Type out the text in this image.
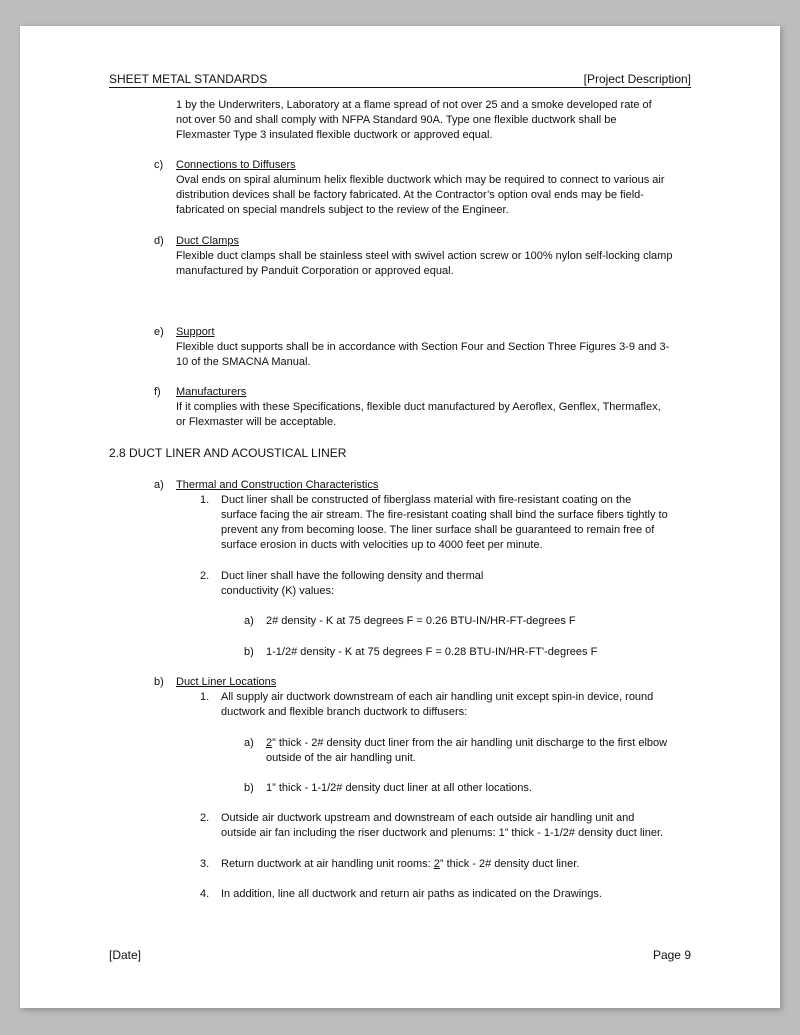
SHEET METAL STANDARDS	[Project Description]
1 by the Underwriters, Laboratory at a flame spread of not over 25 and a smoke developed rate of
not over 50 and shall comply with NFPA Standard 90A. Type one flexible ductwork shall be
Flexmaster Type 3 insulated flexible ductwork or approved equal.
c) Connections to Diffusers
Oval ends on spiral aluminum helix flexible ductwork which may be required to connect to various air
distribution devices shall be factory fabricated. At the Contractor’s option oval ends may be field-
fabricated on special mandrels subject to the review of the Engineer.
d) Duct Clamps
Flexible duct clamps shall be stainless steel with swivel action screw or 100% nylon self-locking clamp
manufactured by Panduit Corporation or approved equal.
e) Support
Flexible duct supports shall be in accordance with Section Four and Section Three Figures 3-9 and 3-
10 of the SMACNA Manual.
f) Manufacturers
If it complies with these Specifications, flexible duct manufactured by Aeroflex, Genflex, Thermaflex,
or Flexmaster will be acceptable.
2.8 DUCT LINER AND ACOUSTICAL LINER
a) Thermal and Construction Characteristics
1. Duct liner shall be constructed of fiberglass material with fire-resistant coating on the
surface facing the air stream. The fire-resistant coating shall bind the surface fibers tightly to
prevent any from becoming loose. The liner surface shall be guaranteed to remain free of
surface erosion in ducts with velocities up to 4000 feet per minute.
2. Duct liner shall have the following density and thermal
conductivity (K) values:
a) 2# density - K at 75 degrees F = 0.26 BTU-IN/HR-FT-degrees F
b) 1-1/2# density - K at 75 degrees F = 0.28 BTU-IN/HR-FT'-degrees F
b) Duct Liner Locations
1. All supply air ductwork downstream of each air handling unit except spin-in device, round
ductwork and flexible branch ductwork to diffusers:
a) 2” thick - 2# density duct liner from the air handling unit discharge to the first elbow
outside of the air handling unit.
b) 1” thick - 1-1/2# density duct liner at all other locations.
2. Outside air ductwork upstream and downstream of each outside air handling unit and
outside air fan including the riser ductwork and plenums: 1” thick - 1-1/2# density duct liner.
3. Return ductwork at air handling unit rooms: 2” thick - 2# density duct liner.
4. In addition, line all ductwork and return air paths as indicated on the Drawings.
[Date]	Page 9
